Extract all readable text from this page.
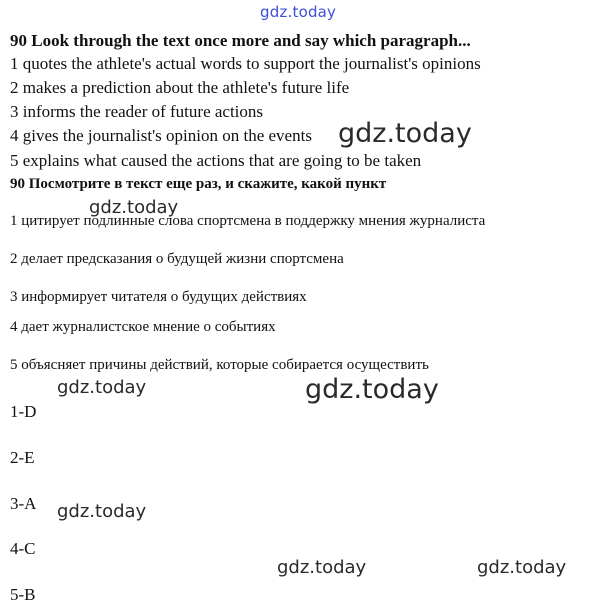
gdz.today
90 Look through the text once more and say which paragraph...
1 quotes the athlete's actual words to support the journalist's opinions
2 makes a prediction about the athlete's future life
3 informs the reader of future actions
4 gives the journalist's opinion on the events
5 explains what caused the actions that are going to be taken
90 Посмотрите в текст еще раз, и скажите, какой пункт
1 цитирует подлинные слова спортсмена в поддержку мнения журналиста
2 делает предсказания о будущей жизни спортсмена
3 информирует читателя о будущих действиях
4 дает журналистское мнение о событиях
5 объясняет причины действий, которые собирается осуществить
1-D
2-E
3-A
4-C
5-B
gdz.today
gdz.today
gdz.today	gdz.today
gdz.today
gdz.today	gdz.today
